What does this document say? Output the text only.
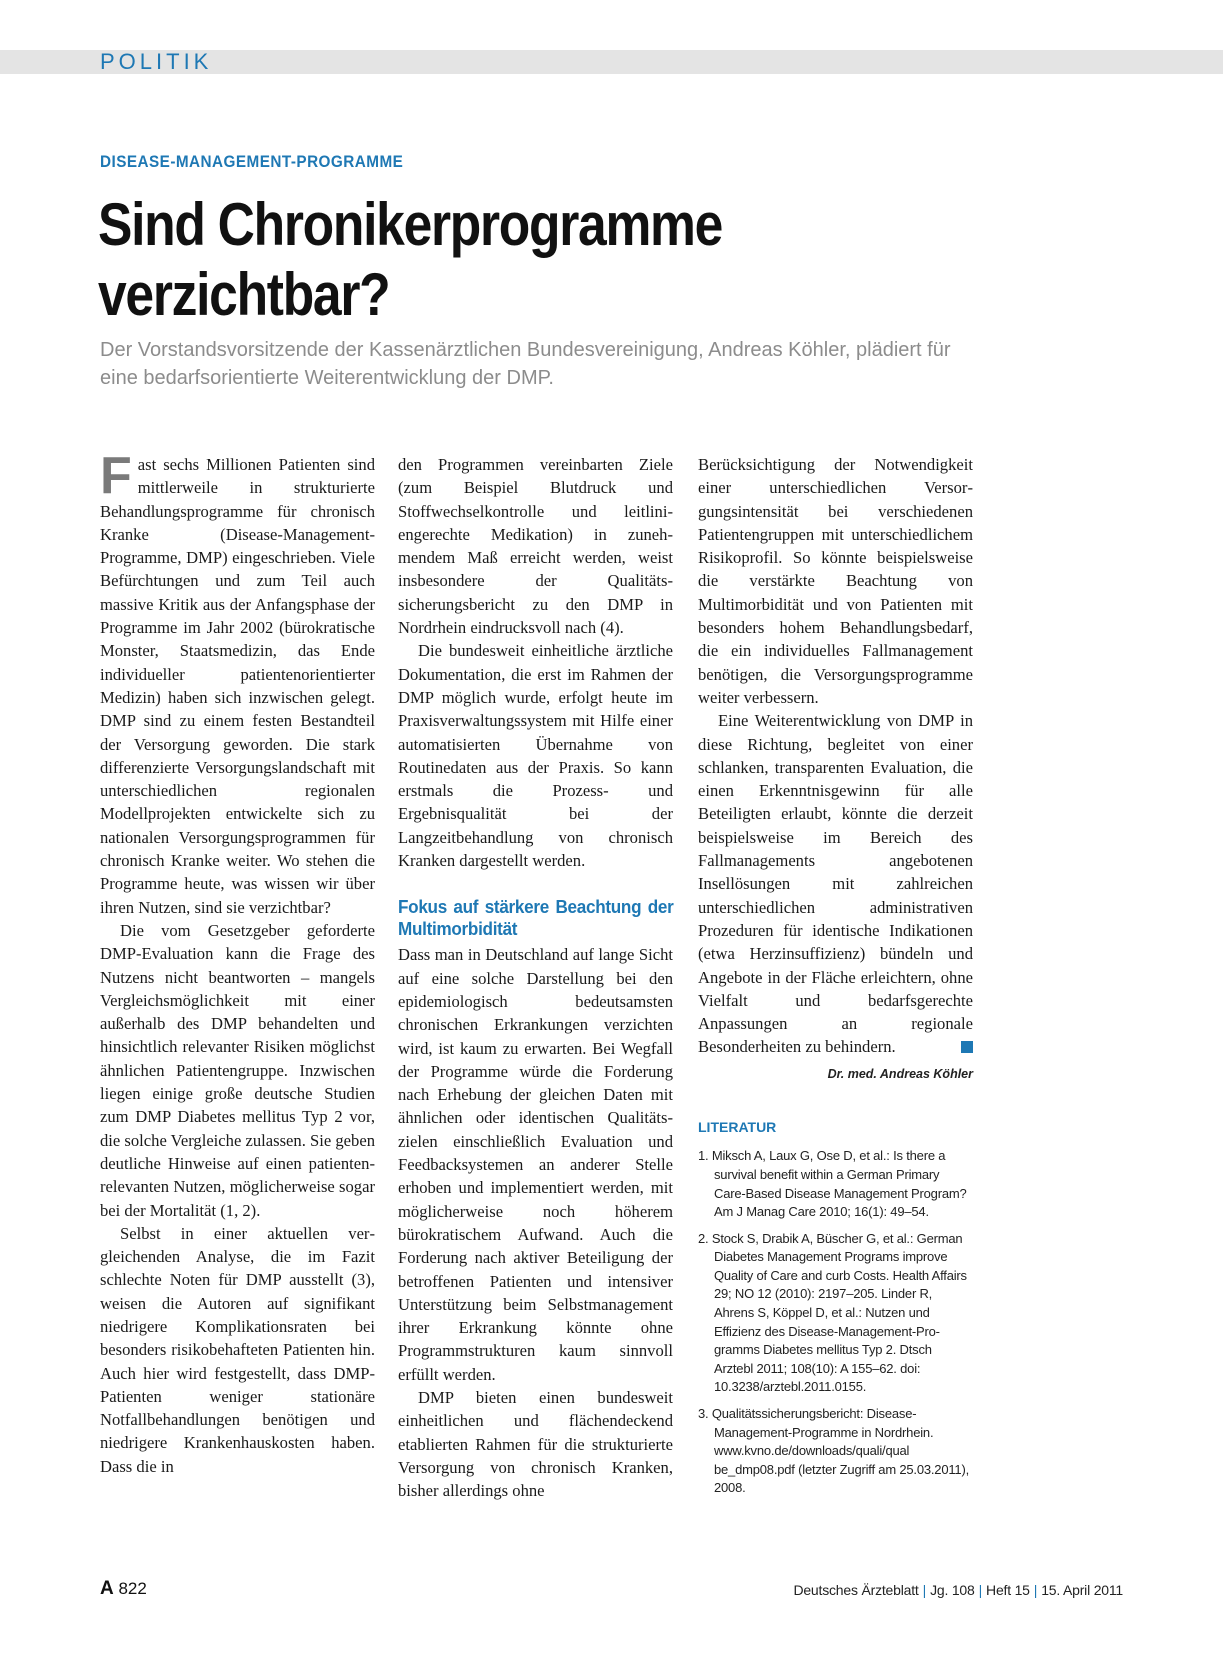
POLITIK
DISEASE-MANAGEMENT-PROGRAMME
Sind Chronikerprogramme
verzichtbar?
Der Vorstandsvorsitzende der Kassenärztlichen Bundesvereinigung, Andreas Köhler, plädiert für eine bedarfsorientierte Weiterentwicklung der DMP.

Fast sechs Millionen Patienten sind mittlerweile in strukturierte Behandlungsprogramme für chronisch Kranke (Disease-Management-Programme, DMP) eingeschrieben. Viele Befürchtungen und zum Teil auch massive Kritik aus der Anfangsphase der Programme im Jahr 2002 (bürokratische Monster, Staatsmedizin, das Ende individueller patientenorientierter Medizin) haben sich inzwischen gelegt. DMP sind zu einem festen Bestandteil der Versorgung geworden. Die stark differenzierte Versorgungslandschaft mit unterschiedlichen regionalen Modellprojekten entwickelte sich zu nationalen Versorgungsprogrammen für chronisch Kranke weiter. Wo stehen die Programme heute, was wissen wir über ihren Nutzen, sind sie verzichtbar?

Die vom Gesetzgeber geforderte DMP-Evaluation kann die Frage des Nutzens nicht beantworten – mangels Vergleichsmöglichkeit mit einer außerhalb des DMP behandelten und hinsichtlich relevanter Risiken möglichst ähnlichen Patientengruppe. Inzwischen liegen einige große deutsche Studien zum DMP Diabetes mellitus Typ 2 vor, die solche Vergleiche zulassen. Sie geben deutliche Hinweise auf einen patientenrelevanten Nutzen, möglicherweise sogar bei der Mortalität (1, 2).

Selbst in einer aktuellen vergleichenden Analyse, die im Fazit schlechte Noten für DMP ausstellt (3), weisen die Autoren auf signifikant niedrigere Komplikationsraten bei besonders risikobehafteten Patienten hin. Auch hier wird festgestellt, dass DMP-Patienten weniger stationäre Notfallbehandlungen benötigen und niedrigere Krankenhauskosten haben. Dass die in

den Programmen vereinbarten Ziele (zum Beispiel Blutdruck und Stoffwechselkontrolle und leitliniengerechte Medikation) in zunehmendem Maß erreicht werden, weist insbesondere der Qualitätssicherungsbericht zu den DMP in Nordrhein eindrucksvoll nach (4).

Die bundesweit einheitliche ärztliche Dokumentation, die erst im Rahmen der DMP möglich wurde, erfolgt heute im Praxisverwaltungssystem mit Hilfe einer automatisierten Übernahme von Routinedaten aus der Praxis. So kann erstmals die Prozess- und Ergebnisqualität bei der Langzeitbehandlung von chronisch Kranken dargestellt werden.

Fokus auf stärkere Beachtung der Multimorbidität

Dass man in Deutschland auf lange Sicht auf eine solche Darstellung bei den epidemiologisch bedeutsamsten chronischen Erkrankungen verzichten wird, ist kaum zu erwarten. Bei Wegfall der Programme würde die Forderung nach Erhebung der gleichen Daten mit ähnlichen oder identischen Qualitätszielen einschließlich Evaluation und Feedbacksystemen an anderer Stelle erhoben und implementiert werden, mit möglicherweise noch höherem bürokratischem Aufwand. Auch die Forderung nach aktiver Beteiligung der betroffenen Patienten und intensiver Unterstützung beim Selbstmanagement ihrer Erkrankung könnte ohne Programmstrukturen kaum sinnvoll erfüllt werden.

DMP bieten einen bundesweit einheitlichen und flächendeckend etablierten Rahmen für die strukturierte Versorgung von chronisch Kranken, bisher allerdings ohne

Berücksichtigung der Notwendigkeit einer unterschiedlichen Versorgungsintensität bei verschiedenen Patientengruppen mit unterschiedlichem Risikoprofil. So könnte beispielsweise die verstärkte Beachtung von Multimorbidität und von Patienten mit besonders hohem Behandlungsbedarf, die ein individuelles Fallmanagement benötigen, die Versorgungsprogramme weiter verbessern.

Eine Weiterentwicklung von DMP in diese Richtung, begleitet von einer schlanken, transparenten Evaluation, die einen Erkenntnisgewinn für alle Beteiligten erlaubt, könnte die derzeit beispielsweise im Bereich des Fallmanagements angebotenen Insellösungen mit zahlreichen unterschiedlichen administrativen Prozeduren für identische Indikationen (etwa Herzinsuffizienz) bündeln und Angebote in der Fläche erleichtern, ohne Vielfalt und bedarfsgerechte Anpassungen an regionale Besonderheiten zu behindern.

Dr. med. Andreas Köhler
LITERATUR
1. Miksch A, Laux G, Ose D, et al.: Is there a survival benefit within a German Primary Care-Based Disease Management Program? Am J Manag Care 2010; 16(1): 49–54.
2. Stock S, Drabik A, Büscher G, et al.: German Diabetes Management Programs improve Quality of Care and curb Costs. Health Affairs 29; NO 12 (2010): 2197–205. Linder R, Ahrens S, Köppel D, et al.: Nutzen und Effizienz des Disease-Management-Programms Diabetes mellitus Typ 2. Dtsch Arztebl 2011; 108(10): A 155–62. doi: 10.3238/arztebl.2011.0155.
3. Qualitätssicherungsbericht: Disease-Management-Programme in Nordrhein. www.kvno.de/downloads/quali/qual be_dmp08.pdf (letzter Zugriff am 25.03.2011), 2008.
A 822	Deutsches Ärzteblatt | Jg. 108 | Heft 15 | 15. April 2011
